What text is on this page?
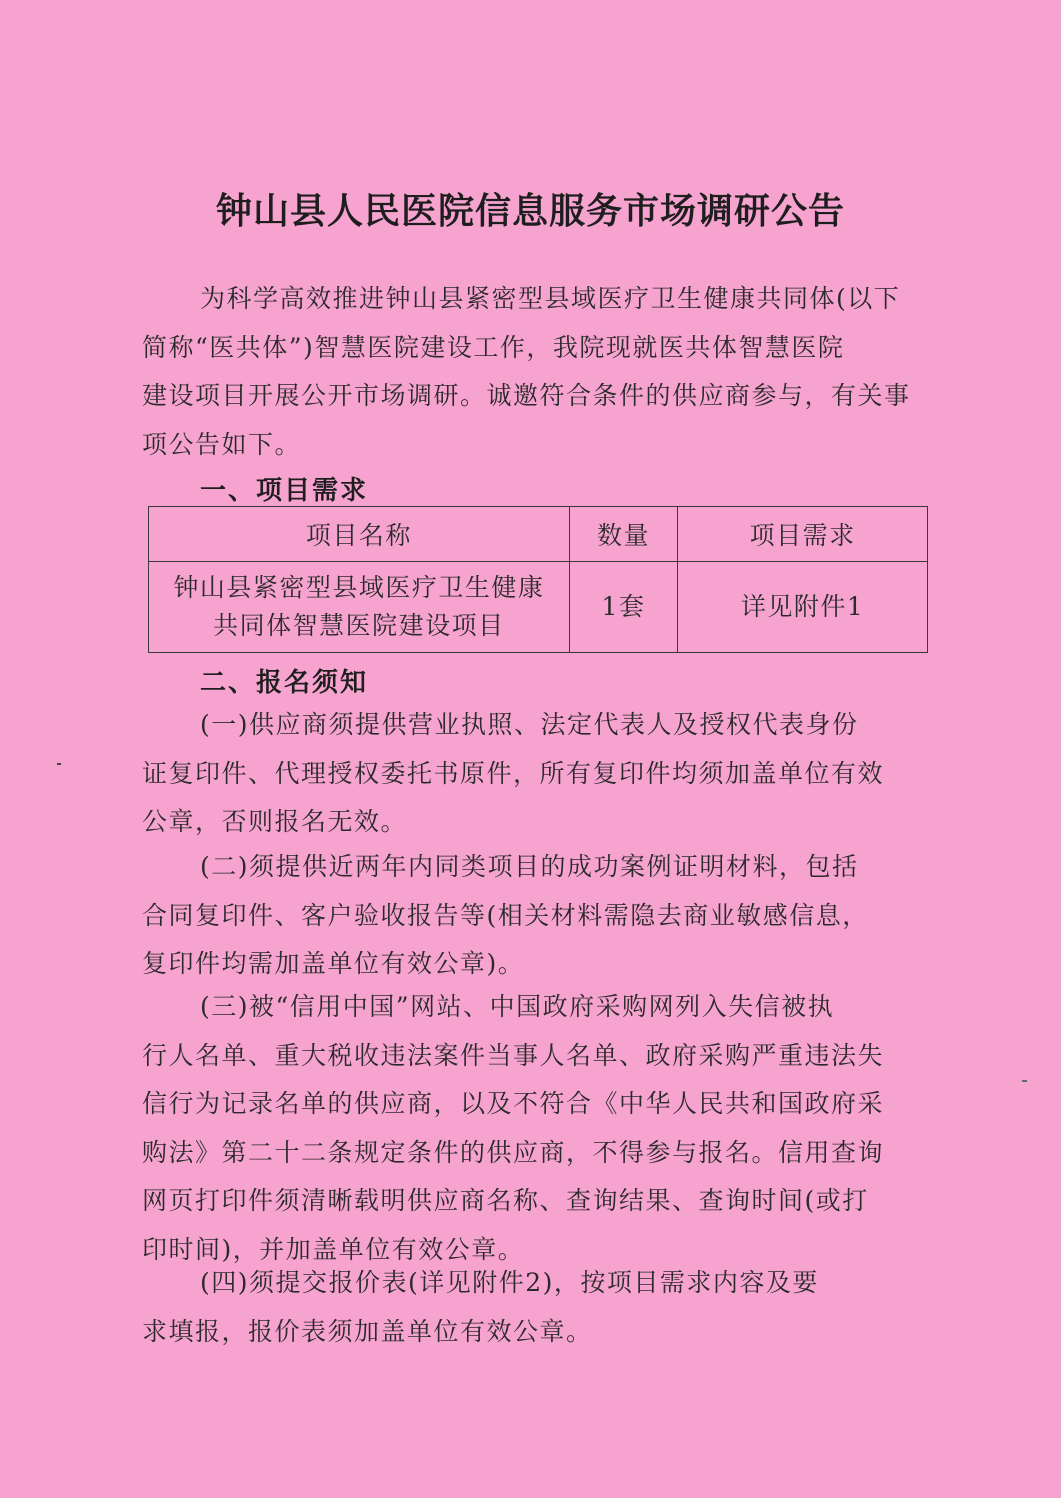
钟山县人民医院信息服务市场调研公告
为科学高效推进钟山县紧密型县域医疗卫生健康共同体(以下
简称“医共体”)智慧医院建设工作，我院现就医共体智慧医院
建设项目开展公开市场调研。诚邀符合条件的供应商参与，有关事
项公告如下。
一、项目需求
项目名称	数量	项目需求

钟山县紧密型县域医疗卫生健康
共同体智慧医院建设项目	1套	详见附件1
二、报名须知
(一)供应商须提供营业执照、法定代表人及授权代表身份
证复印件、代理授权委托书原件，所有复印件均须加盖单位有效
公章，否则报名无效。
(二)须提供近两年内同类项目的成功案例证明材料，包括
合同复印件、客户验收报告等(相关材料需隐去商业敏感信息，
复印件均需加盖单位有效公章)。
(三)被“信用中国”网站、中国政府采购网列入失信被执
行人名单、重大税收违法案件当事人名单、政府采购严重违法失
信行为记录名单的供应商，以及不符合《中华人民共和国政府采
购法》第二十二条规定条件的供应商，不得参与报名。信用查询
网页打印件须清晰载明供应商名称、查询结果、查询时间(或打
印时间)，并加盖单位有效公章。
(四)须提交报价表(详见附件2)，按项目需求内容及要
求填报，报价表须加盖单位有效公章。
